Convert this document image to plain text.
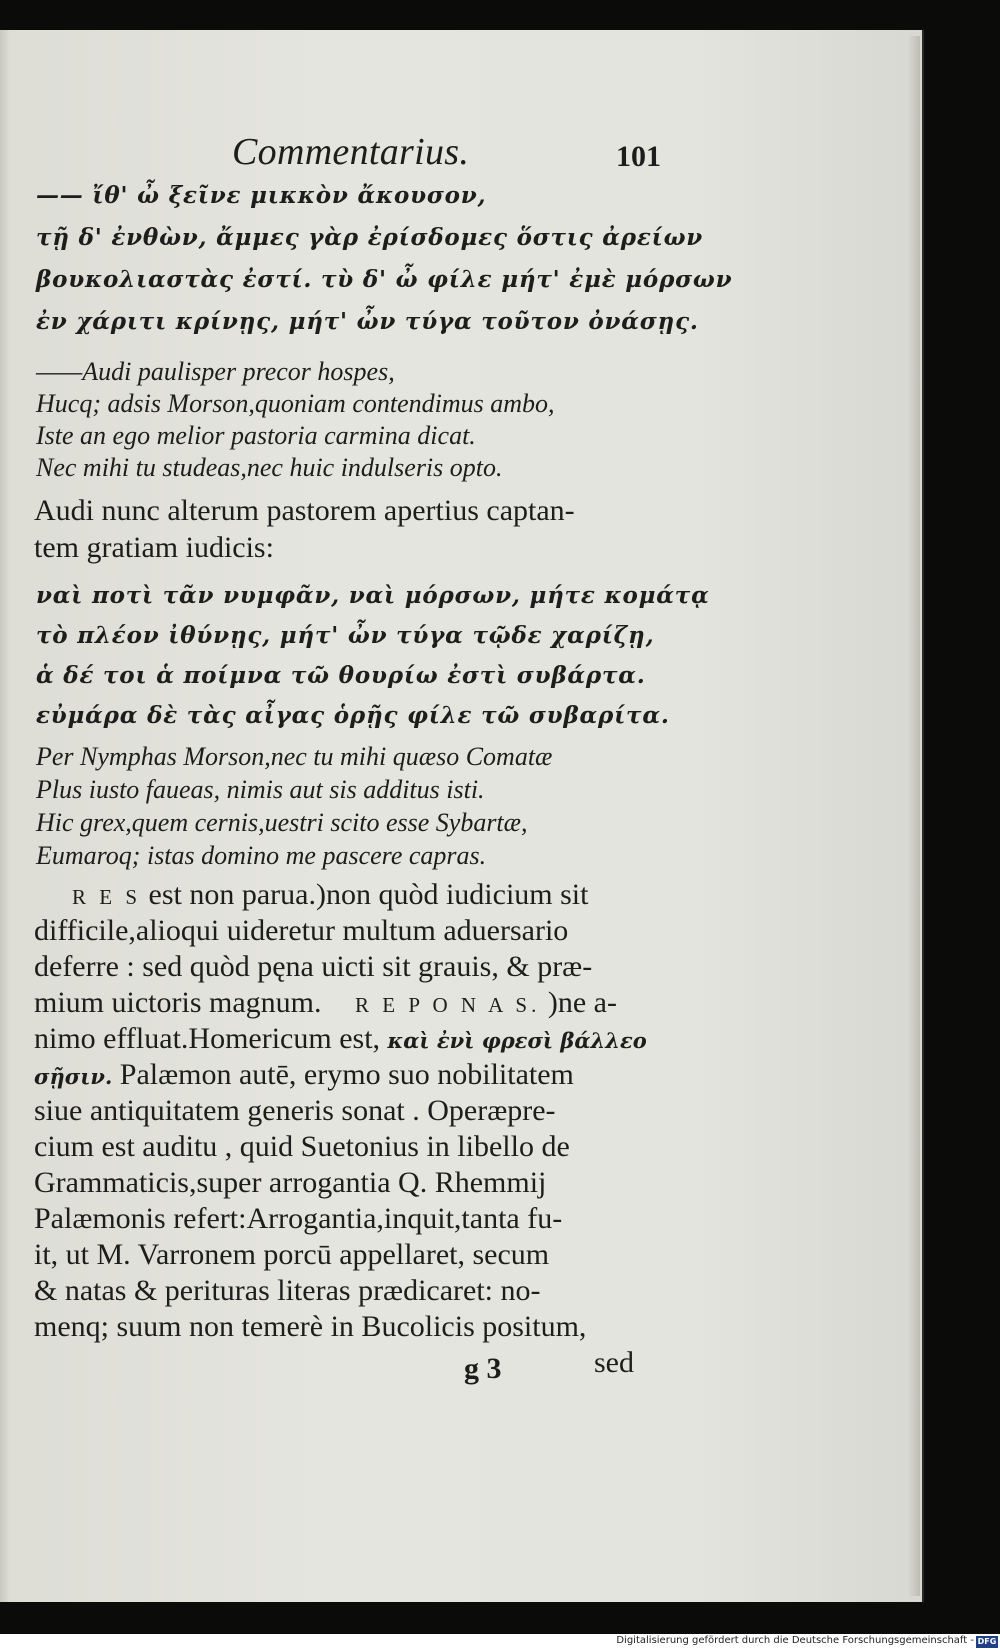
Commentarius.	101
—— ἴθ' ὦ ξεῖνε μικκὸν ἄκουσον,
τῇ δ' ἐνθὼν, ἄμμες γὰρ ἐρίσδομες ὅστις ἀρείων
βουκολιαστὰς ἐστί. τὺ δ' ὦ φίλε μήτ' ἐμὲ μόρσων
ἐν χάριτι κρίνῃς, μήτ' ὦν τύγα τοῦτον ὀνάσῃς.
——Audi paulisper precor hospes,
Hucq; adsis Morson,quoniam contendimus ambo,
Iste an ego melior pastoria carmina dicat.
Nec mihi tu studeas,nec huic indulseris opto.
Audi nunc alterum pastorem apertius captan-
tem gratiam iudicis:
ναὶ ποτὶ τᾶν νυμφᾶν, ναὶ μόρσων, μήτε κομάτᾳ
τὸ πλέον ἰθύνῃς, μήτ' ὦν τύγα τῷδε χαρίζῃ,
ἁ δέ τοι ἁ ποίμνα τῶ θουρίω ἐστὶ συβάρτα.
εὐμάρα δὲ τὰς αἶγας ὁρῇς φίλε τῶ συβαρίτα.
Per Nymphas Morson,nec tu mihi quæso Comatæ
Plus iusto faueas, nimis aut sis additus isti.
Hic grex,quem cernis,uestri scito esse Sybartæ,
Eumaroq; istas domino me pascere capras.
R E S est non parua.)non quòd iudicium sit
difficile,alioqui uideretur multum aduersario
deferre : sed quòd pęna uicti sit grauis, & præ-
mium uictoris magnum. R E P O N A S. )ne a-
nimo effluat.Homericum est, καὶ ἐνὶ φρεσὶ βάλλεο
σῇσιν. Palæmon autē, erymo suo nobilitatem
siue antiquitatem generis sonat . Operæpre-
cium est auditu , quid Suetonius in libello de
Grammaticis,super arrogantia Q. Rhemmij
Palæmonis refert:Arrogantia,inquit,tanta fu-
it, ut M. Varronem porcū appellaret, secum
& natas & perituras literas prædicaret: no-
menq; suum non temerè in Bucolicis positum,
g 3	sed
Digitalisierung gefördert durch die Deutsche Forschungsgemeinschaft - DFG
